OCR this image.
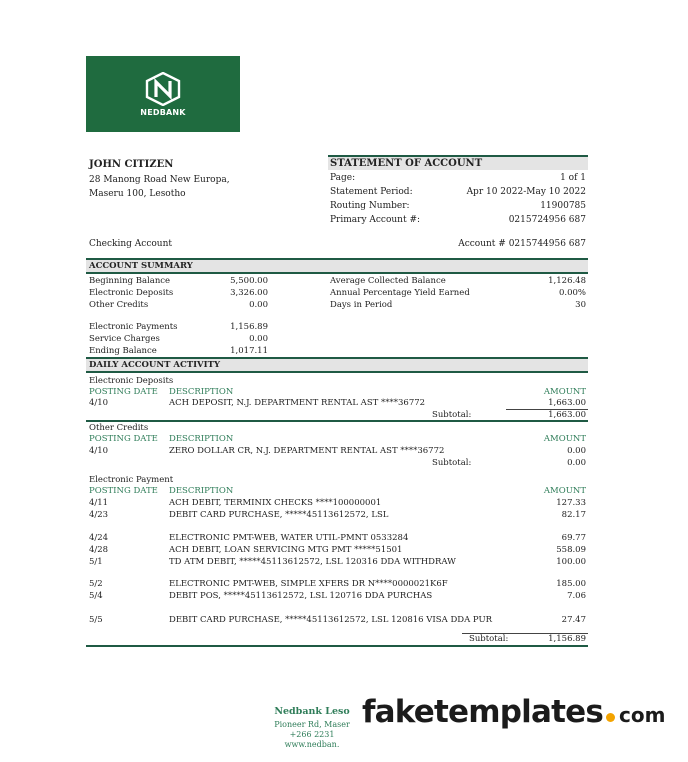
NEDBANK
JOHN CITIZEN
28 Manong Road New Europa,
Maseru 100, Lesotho
Checking Account
STATEMENT OF ACCOUNT
Page:	1 of 1
Statement Period:	Apr 10 2022-May 10 2022
Routing Number:	11900785
Primary Account #:	0215724956 687
Account # 0215744956 687
ACCOUNT SUMMARY
Beginning Balance	5,500.00	Average Collected Balance	1,126.48
Electronic Deposits	3,326.00	Annual Percentage Yield Earned	0.00%
Other Credits	0.00	Days in Period	30
Electronic Payments	1,156.89
Service Charges	0.00
Ending Balance	1,017.11
DAILY ACCOUNT ACTIVITY
Electronic Deposits
POSTING DATE DESCRIPTION	AMOUNT
4/10	ACH DEPOSIT, N.J. DEPARTMENT RENTAL AST ****36772	1,663.00
Subtotal:	1,663.00
Other Credits
POSTING DATE DESCRIPTION	AMOUNT
4/10	ZERO DOLLAR CR, N.J. DEPARTMENT RENTAL AST ****36772	0.00
Subtotal:	0.00
Electronic Payment
POSTING DATE DESCRIPTION	AMOUNT
4/11	ACH DEBIT, TERMINIX CHECKS ****100000001	127.33
4/23	DEBIT CARD PURCHASE, *****45113612572, LSL	82.17
4/24	ELECTRONIC PMT-WEB, WATER UTIL-PMNT 0533284	69.77
4/28	ACH DEBIT, LOAN SERVICING MTG PMT *****51501	558.09
5/1	TD ATM DEBIT, *****45113612572, LSL 120316 DDA WITHDRAW	100.00
5/2	ELECTRONIC PMT-WEB, SIMPLE XFERS DR N****0000021K6F	185.00
5/4	DEBIT POS, *****45113612572, LSL 120716 DDA PURCHAS	7.06
5/5	DEBIT CARD PURCHASE, *****45113612572, LSL 120816 VISA DDA PUR	27.47
Subtotal:	1,156.89
Nedbank Leso
Pioneer Rd, Maser
+266 2231
www.nedban.
faketemplates com
